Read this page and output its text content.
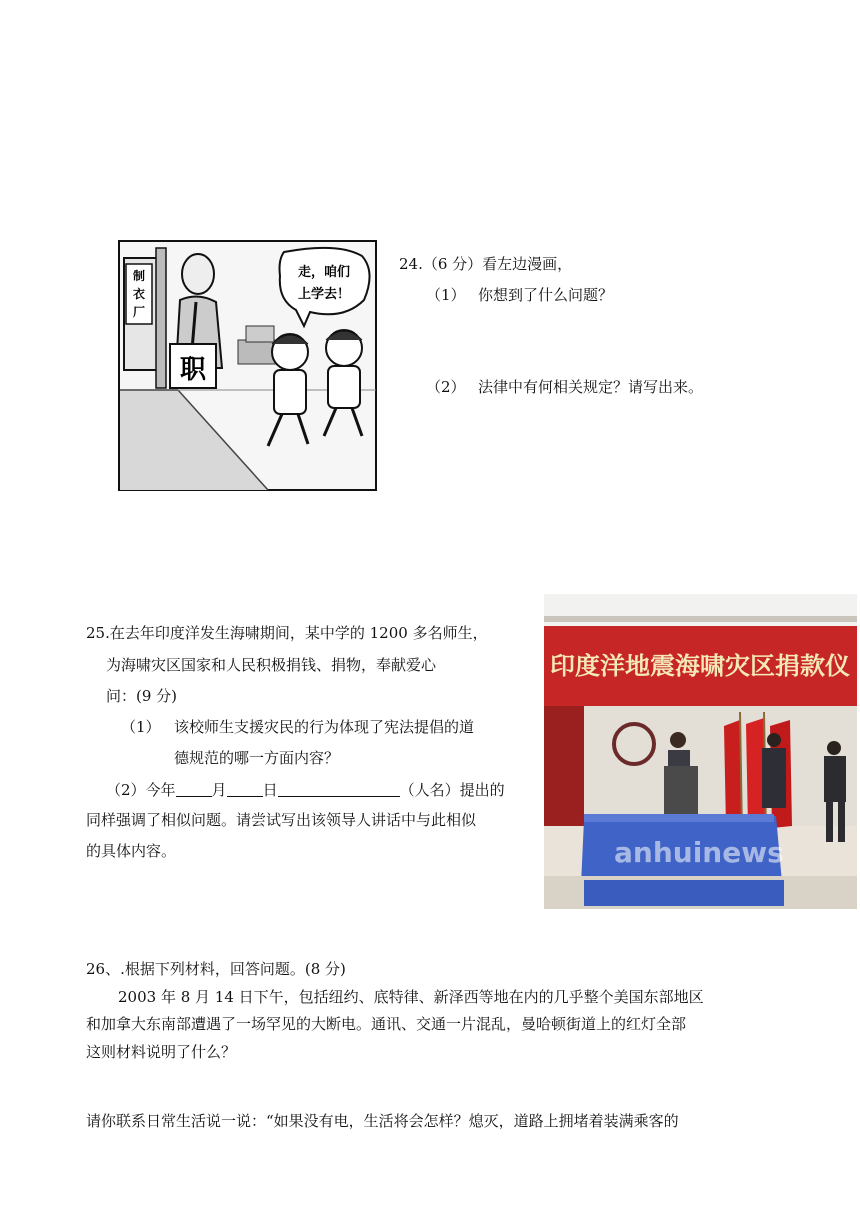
制
衣
厂
职
走，咱们
上学去！
24.（6 分）看左边漫画，
（1） 你想到了什么问题？
（2） 法律中有何相关规定？请写出来。
25.在去年印度洋发生海啸期间，某中学的 1200 多名师生，
为海啸灾区国家和人民积极捐钱、捐物，奉献爱心
问：(9 分)
（1） 该校师生支援灾民的行为体现了宪法提倡的道
德规范的哪一方面内容？
（2）今年 月 日	（人名）提出的
同样强调了相似问题。请尝试写出该领导人讲话中与此相似
的具体内容。
印度洋地震海啸灾区捐款仪
anhuinews
26、.根据下列材料，回答问题。(8 分)
2003 年 8 月 14 日下午，包括纽约、底特律、新泽西等地在内的几乎整个美国东部地区
和加拿大东南部遭遇了一场罕见的大断电。通讯、交通一片混乱，曼哈顿街道上的红灯全部
这则材料说明了什么？
请你联系日常生活说一说：“如果没有电，生活将会怎样？熄灭，道路上拥堵着装满乘客的
